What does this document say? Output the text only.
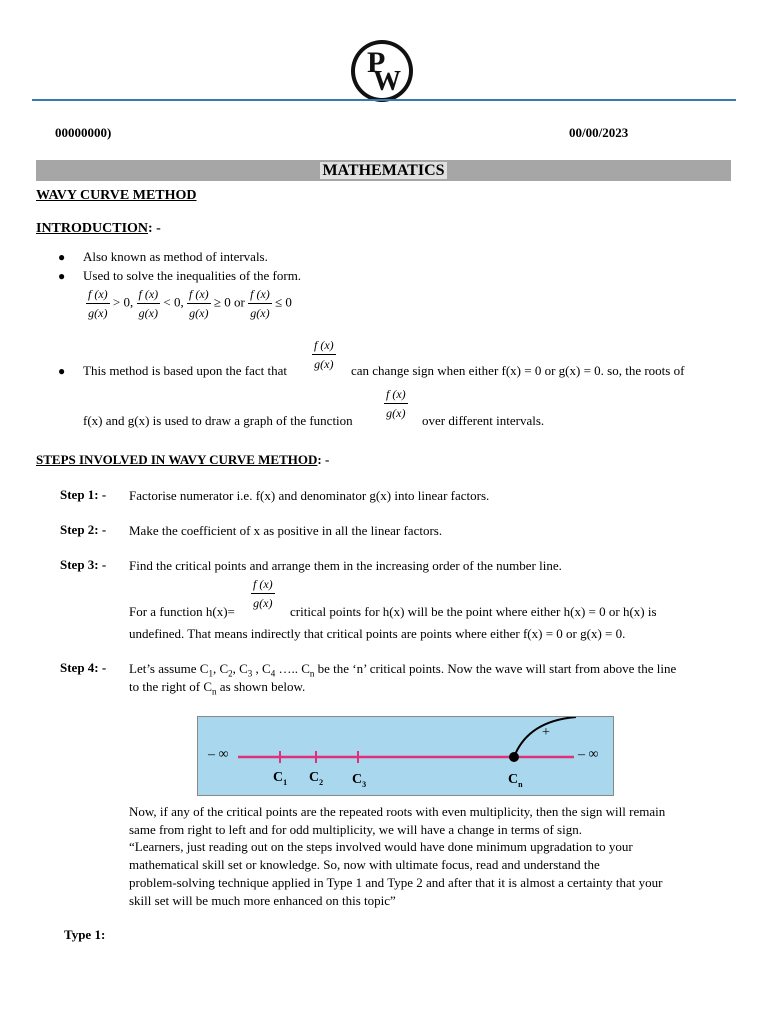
P
W
00000000)	00/00/2023
MATHEMATICS
WAVY CURVE METHOD
INTRODUCTION: -
● Also known as method of intervals.
● Used to solve the inequalities of the form.
$\frac{f (x)}{g(x)} > 0$, $\frac{f (x)}{g(x)} < 0$, $\frac{f (x)}{g(x)} \ge 0$ or $\frac{f (x)}{g(x)} \le 0$
● This method is based upon the fact that $\frac{f (x)}{g(x)}$ can change sign when either f(x) = 0 or g(x) = 0. so, the roots of
f(x) and g(x) is used to draw a graph of the function
$\frac{f (x)}{g(x)}$
over different intervals.
STEPS INVOLVED IN WAVY CURVE METHOD: -
Step 1: - Factorise numerator i.e. f(x) and denominator g(x) into linear factors.
Step 2: - Make the coefficient of x as positive in all the linear factors.
Step 3: - Find the critical points and arrange them in the increasing order of the number line.
$\frac{f (x)}{g(x)}$
For a function h(x)=	critical points for h(x) will be the point where either h(x) = 0 or h(x) is
undefined. That means indirectly that critical points are points where either f(x) = 0 or g(x) = 0.
Step 4: - Let’s assume $C_1$, $C_2$, $C_3$ , $C_4$ ….. $C_n$ be the ‘n’ critical points. Now the wave will start from above the line
to the right of $C_n$ as shown below.
– ∞	– ∞
+
$C_1$ $C_2$ $C_3$	$C_n$
Now, if any of the critical points are the repeated roots with even multiplicity, then the sign will remain
same from right to left and for odd multiplicity, we will have a change in terms of sign.
“Learners, just reading out on the steps involved would have done minimum upgradation to your
mathematical skill set or knowledge. So, now with ultimate focus, read and understand the
problem-solving technique applied in Type 1 and Type 2 and after that it is almost a certainty that your
skill set will be much more enhanced on this topic”
Type 1:
